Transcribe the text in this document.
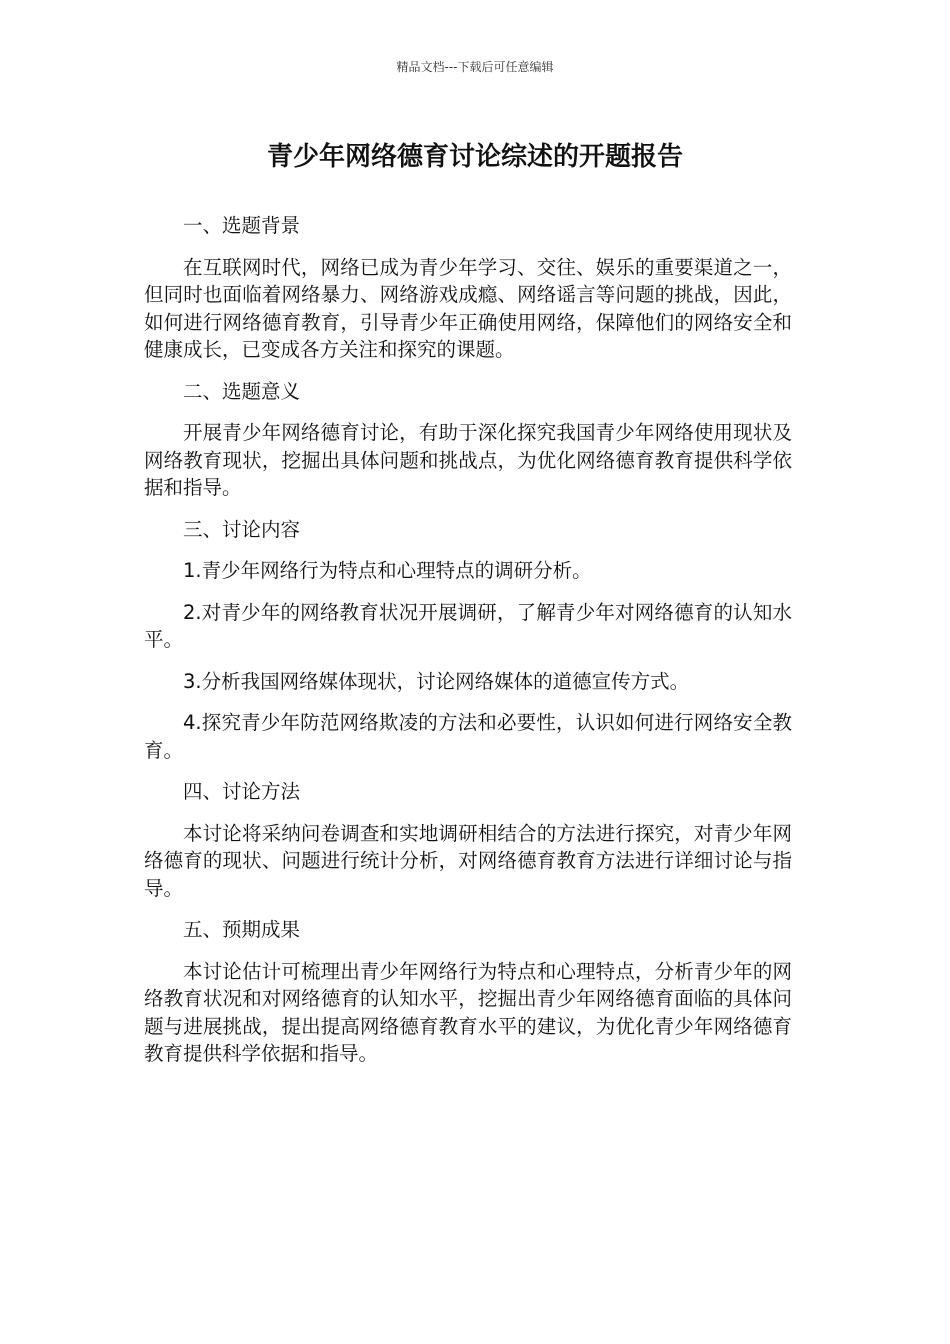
精品文档---下载后可任意编辑
青少年网络德育讨论综述的开题报告

一、选题背景

在互联网时代，网络已成为青少年学习、交往、娱乐的重要渠道之一，但同时也面临着网络暴力、网络游戏成瘾、网络谣言等问题的挑战，因此，如何进行网络德育教育，引导青少年正确使用网络，保障他们的网络安全和健康成长，已变成各方关注和探究的课题。

二、选题意义

开展青少年网络德育讨论，有助于深化探究我国青少年网络使用现状及网络教育现状，挖掘出具体问题和挑战点，为优化网络德育教育提供科学依据和指导。

三、讨论内容

1.青少年网络行为特点和心理特点的调研分析。

2.对青少年的网络教育状况开展调研，了解青少年对网络德育的认知水平。

3.分析我国网络媒体现状，讨论网络媒体的道德宣传方式。

4.探究青少年防范网络欺凌的方法和必要性，认识如何进行网络安全教育。

四、讨论方法

本讨论将采纳问卷调查和实地调研相结合的方法进行探究，对青少年网络德育的现状、问题进行统计分析，对网络德育教育方法进行详细讨论与指导。

五、预期成果

本讨论估计可梳理出青少年网络行为特点和心理特点，分析青少年的网络教育状况和对网络德育的认知水平，挖掘出青少年网络德育面临的具体问题与进展挑战，提出提高网络德育教育水平的建议，为优化青少年网络德育教育提供科学依据和指导。
